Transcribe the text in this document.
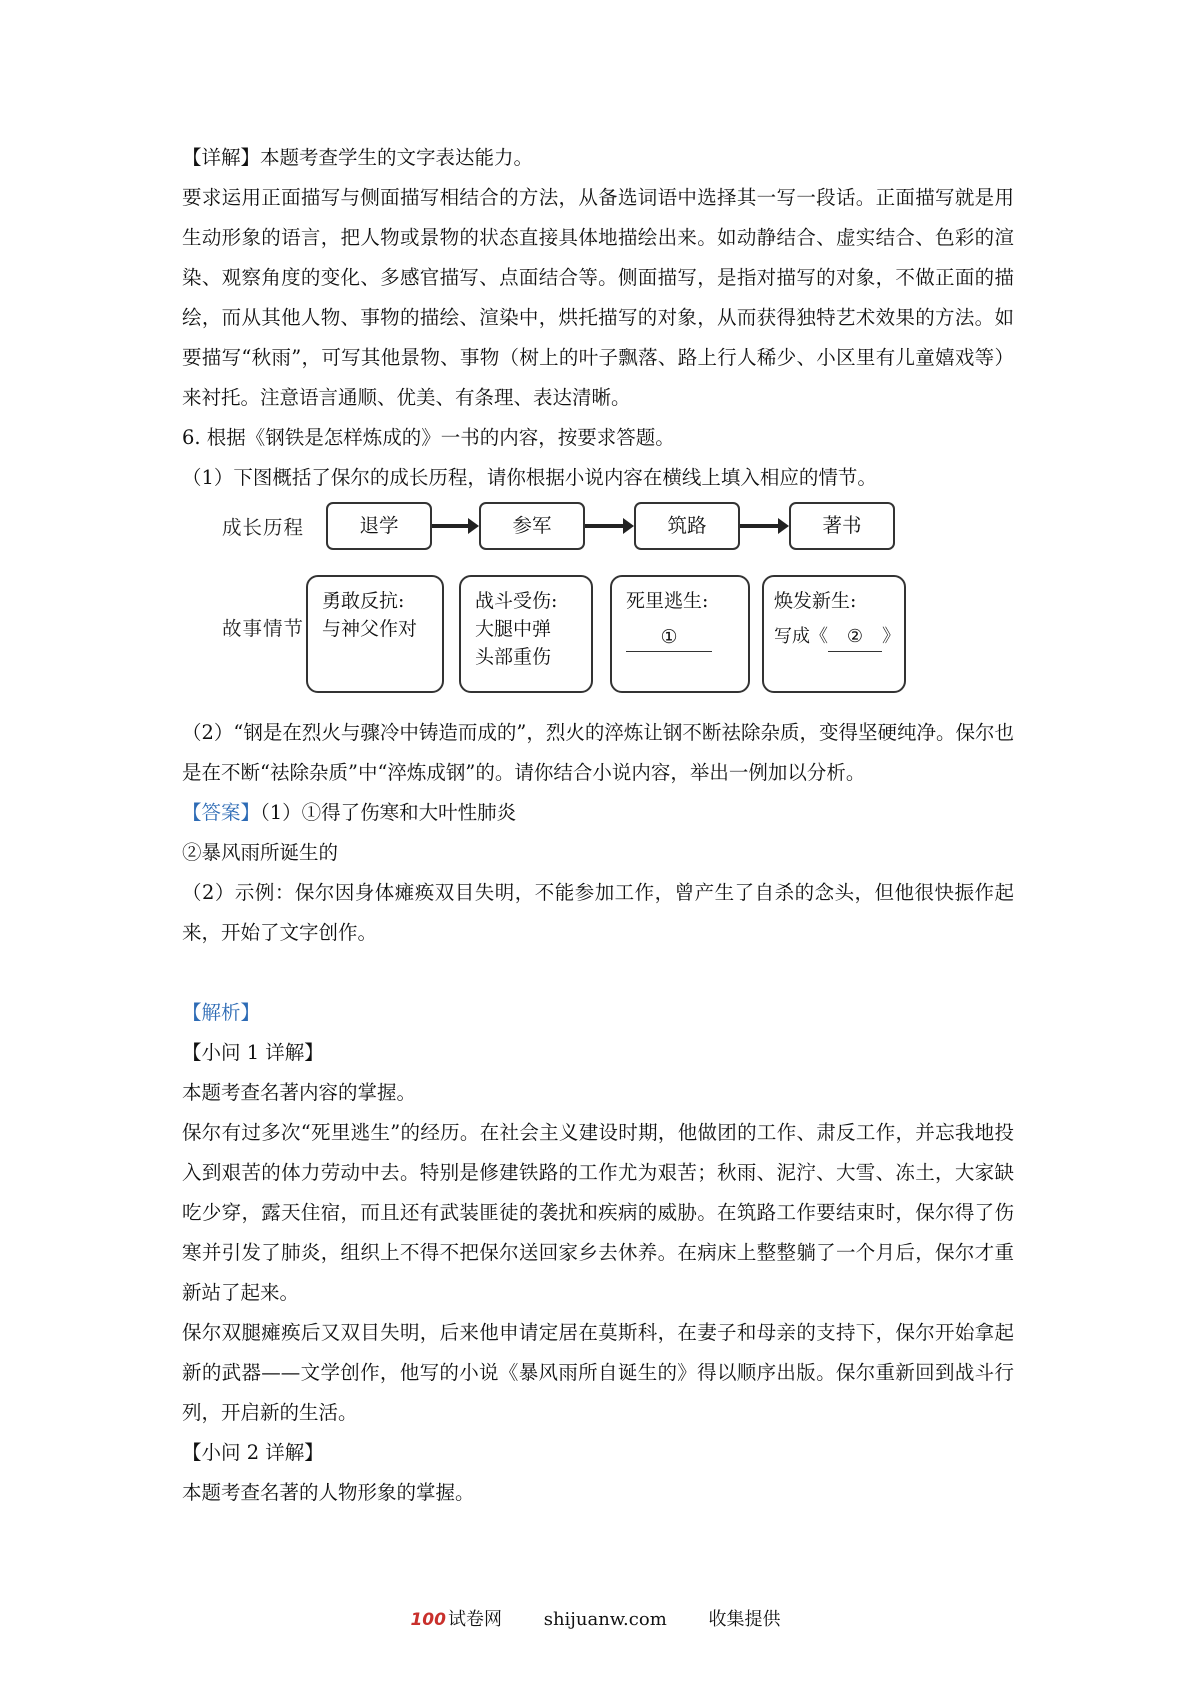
【详解】本题考查学生的文字表达能力。

要求运用正面描写与侧面描写相结合的方法，从备选词语中选择其一写一段话。正面描写就是用生动形象的语言，把人物或景物的状态直接具体地描绘出来。如动静结合、虚实结合、色彩的渲染、观察角度的变化、多感官描写、点面结合等。侧面描写，是指对描写的对象，不做正面的描绘，而从其他人物、事物的描绘、渲染中，烘托描写的对象，从而获得独特艺术效果的方法。如要描写“秋雨”，可写其他景物、事物（树上的叶子飘落、路上行人稀少、小区里有儿童嬉戏等）来衬托。注意语言通顺、优美、有条理、表达清晰。

6. 根据《钢铁是怎样炼成的》一书的内容，按要求答题。

（1）下图概括了保尔的成长历程，请你根据小说内容在横线上填入相应的情节。

成长历程
故事情节
退学	参军	筑路	著书
勇敢反抗:
与神父作对
战斗受伤:
大腿中弹
头部重伤
死里逃生:
①
焕发新生:
写成《 ② 》

（2）“钢是在烈火与骤冷中铸造而成的”，烈火的淬炼让钢不断祛除杂质，变得坚硬纯净。保尔也是在不断“祛除杂质”中“淬炼成钢”的。请你结合小说内容，举出一例加以分析。

【答案】（1）①得了伤寒和大叶性肺炎

②暴风雨所诞生的

（2）示例：保尔因身体瘫痪双目失明，不能参加工作，曾产生了自杀的念头，但他很快振作起来，开始了文字创作。

【解析】

【小问 1 详解】

本题考查名著内容的掌握。

保尔有过多次“死里逃生”的经历。在社会主义建设时期，他做团的工作、肃反工作，并忘我地投入到艰苦的体力劳动中去。特别是修建铁路的工作尤为艰苦；秋雨、泥泞、大雪、冻土，大家缺吃少穿，露天住宿，而且还有武装匪徒的袭扰和疾病的威胁。在筑路工作要结束时，保尔得了伤寒并引发了肺炎，组织上不得不把保尔送回家乡去休养。在病床上整整躺了一个月后，保尔才重新站了起来。

保尔双腿瘫痪后又双目失明，后来他申请定居在莫斯科，在妻子和母亲的支持下，保尔开始拿起新的武器——文学创作，他写的小说《暴风雨所自诞生的》得以顺序出版。保尔重新回到战斗行列，开启新的生活。

【小问 2 详解】

本题考查名著的人物形象的掌握。

100 试卷网 shijuanw.com 收集提供
